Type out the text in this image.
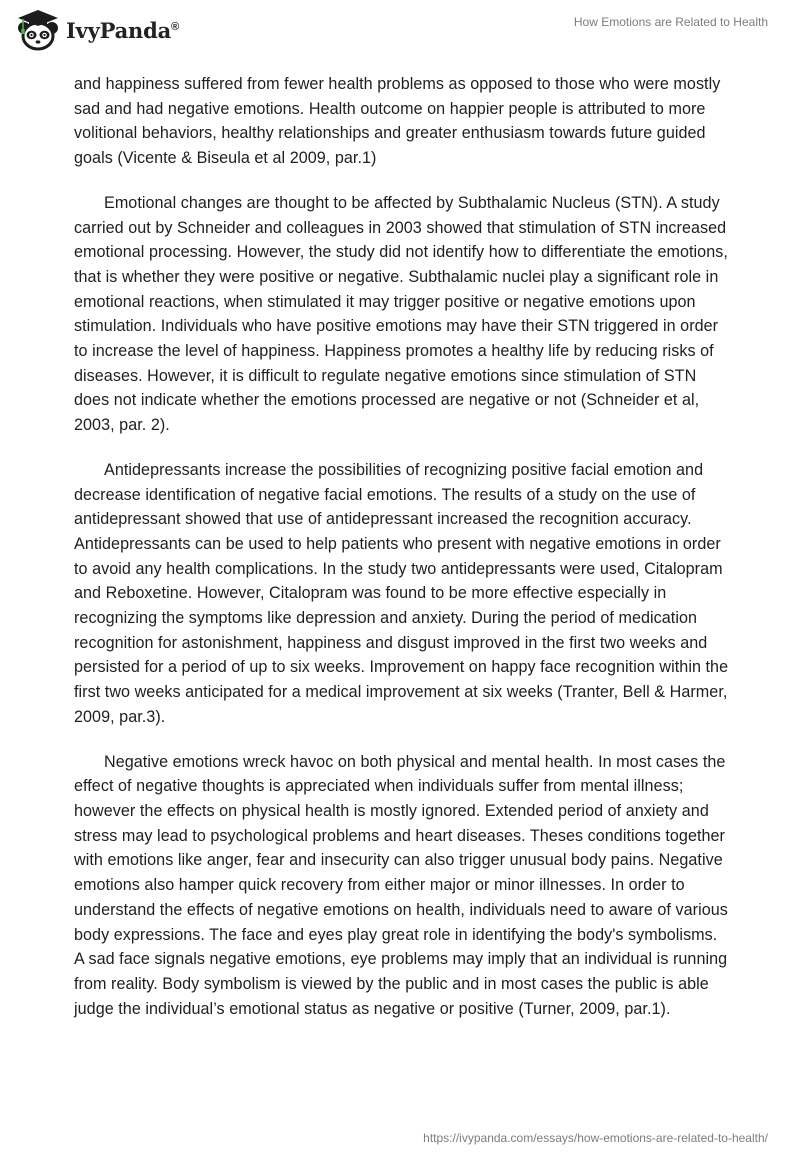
IvyPanda®	How Emotions are Related to Health

and happiness suffered from fewer health problems as opposed to those who were mostly sad and had negative emotions. Health outcome on happier people is attributed to more volitional behaviors, healthy relationships and greater enthusiasm towards future guided goals (Vicente & Biseula et al 2009, par.1)

Emotional changes are thought to be affected by Subthalamic Nucleus (STN). A study carried out by Schneider and colleagues in 2003 showed that stimulation of STN increased emotional processing. However, the study did not identify how to differentiate the emotions, that is whether they were positive or negative. Subthalamic nuclei play a significant role in emotional reactions, when stimulated it may trigger positive or negative emotions upon stimulation. Individuals who have positive emotions may have their STN triggered in order to increase the level of happiness. Happiness promotes a healthy life by reducing risks of diseases. However, it is difficult to regulate negative emotions since stimulation of STN does not indicate whether the emotions processed are negative or not (Schneider et al, 2003, par. 2).

Antidepressants increase the possibilities of recognizing positive facial emotion and decrease identification of negative facial emotions. The results of a study on the use of antidepressant showed that use of antidepressant increased the recognition accuracy. Antidepressants can be used to help patients who present with negative emotions in order to avoid any health complications. In the study two antidepressants were used, Citalopram and Reboxetine. However, Citalopram was found to be more effective especially in recognizing the symptoms like depression and anxiety. During the period of medication recognition for astonishment, happiness and disgust improved in the first two weeks and persisted for a period of up to six weeks. Improvement on happy face recognition within the first two weeks anticipated for a medical improvement at six weeks (Tranter, Bell & Harmer, 2009, par.3).

Negative emotions wreck havoc on both physical and mental health. In most cases the effect of negative thoughts is appreciated when individuals suffer from mental illness; however the effects on physical health is mostly ignored. Extended period of anxiety and stress may lead to psychological problems and heart diseases. Theses conditions together with emotions like anger, fear and insecurity can also trigger unusual body pains. Negative emotions also hamper quick recovery from either major or minor illnesses. In order to understand the effects of negative emotions on health, individuals need to aware of various body expressions. The face and eyes play great role in identifying the body's symbolisms. A sad face signals negative emotions, eye problems may imply that an individual is running from reality. Body symbolism is viewed by the public and in most cases the public is able judge the individual’s emotional status as negative or positive (Turner, 2009, par.1).

https://ivypanda.com/essays/how-emotions-are-related-to-health/
